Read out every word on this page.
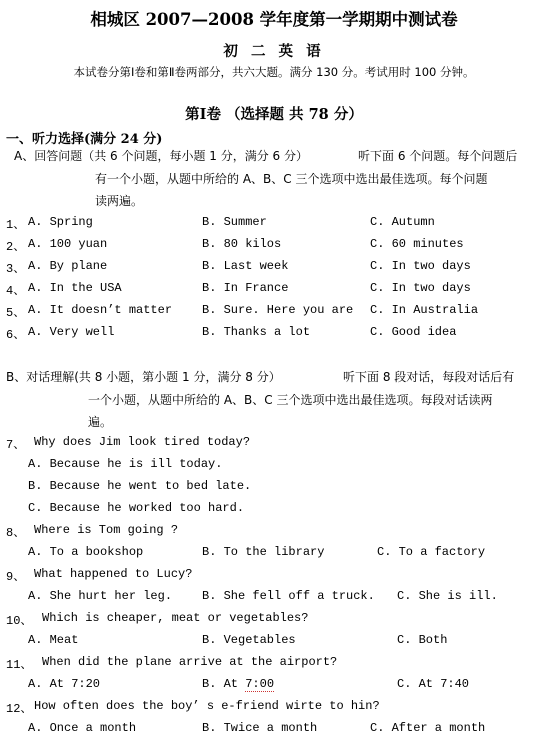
相城区 2007—2008 学年度第一学期期中测试卷
初 二 英 语
本试卷分第Ⅰ卷和第Ⅱ卷两部分，共六大题。满分 130 分。考试用时 100 分钟。
第Ⅰ卷 （选择题 共 78 分）
一、听力选择(满分 24 分)
A、回答问题（共 6 个问题，每小题 1 分，满分 6 分）	听下面 6 个问题。每个问题后
有一个小题，从题中所给的 A、B、C 三个选项中选出最佳选项。每个问题
读两遍。
1、 A. Spring	B. Summer	C. Autumn
2、 A. 100 yuan	B. 80 kilos	C. 60 minutes
3、 A. By plane	B. Last week	C. In two days
4、 A. In the USA	B. In France	C. In two days
5、 A. It doesn’t matter B. Sure. Here you are C. In Australia
6、 A. Very well	B. Thanks a lot	C. Good idea
B、对话理解(共 8 小题，第小题 1 分，满分 8 分）	听下面 8 段对话，每段对话后有
一个小题，从题中所给的 A、B、C 三个选项中选出最佳选项。每段对话读两
遍。
7、 Why does Jim look tired today?
A. Because he is ill today.
B. Because he went to bed late.
C. Because he worked too hard.
8、 Where is Tom going ?
A. To a bookshop	B. To the library	C. To a factory
9、 What happened to Lucy?
A. She hurt her leg. B. She fell off a truck. C. She is ill.
10、 Which is cheaper, meat or vegetables?
A. Meat	B. Vegetables	C. Both
11、 When did the plane arrive at the airport?
A. At 7:20	B. At 7:00	C. At 7:40
12、 How often does the boy’ s e-friend wirte to hin?
A. Once a month	B. Twice a month	C. After a month
